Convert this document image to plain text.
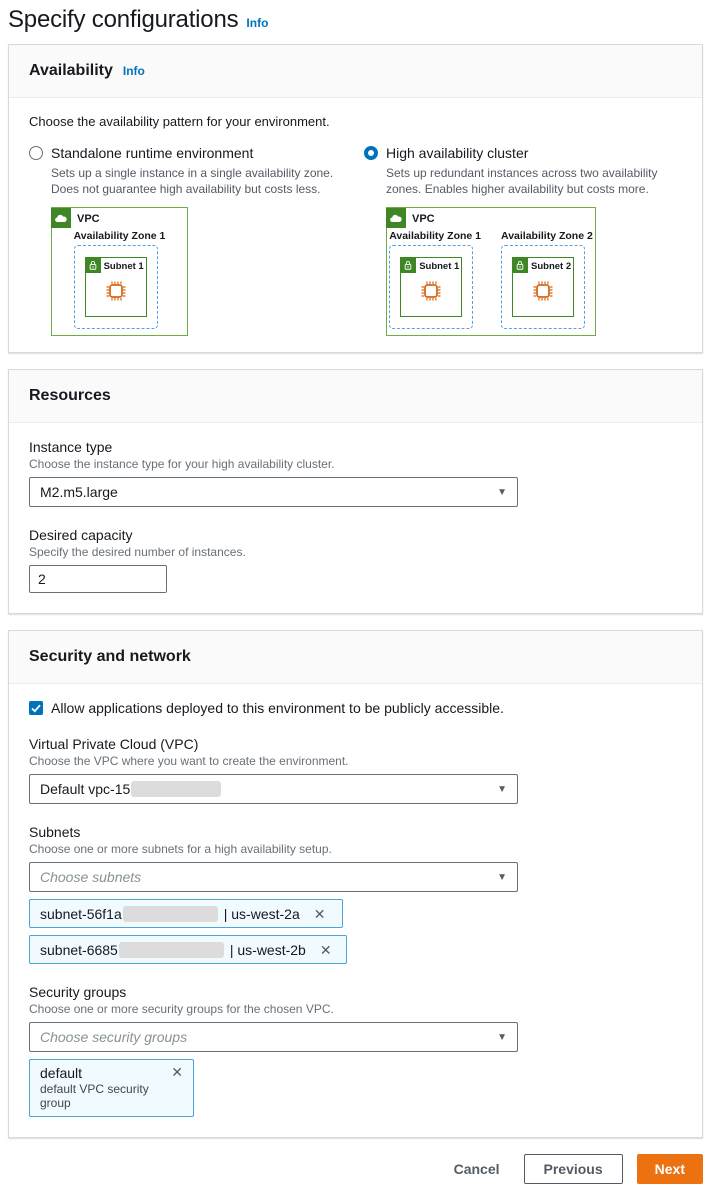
Specify configurations Info
Availability Info
Choose the availability pattern for your environment.
Standalone runtime environment
Sets up a single instance in a single availability zone. Does not guarantee high availability but costs less.
VPC
Availability Zone 1
Subnet 1
High availability cluster
Sets up redundant instances across two availability zones. Enables higher availability but costs more.
VPC
Availability Zone 1
Subnet 1
Availability Zone 2
Subnet 2
Resources
Instance type
Choose the instance type for your high availability cluster.
M2.m5.large	▼
Desired capacity
Specify the desired number of instances.
2
Security and network
Allow applications deployed to this environment to be publicly accessible.
Virtual Private Cloud (VPC)
Choose the VPC where you want to create the environment.
Default vpc-15	▼
Subnets
Choose one or more subnets for a high availability setup.
Choose subnets	▼
subnet-56f1a	| us-west-2a ✕
subnet-6685	| us-west-2b ✕
Security groups
Choose one or more security groups for the chosen VPC.
Choose security groups	▼
default
default VPC security group
✕
Cancel	Previous	Next
